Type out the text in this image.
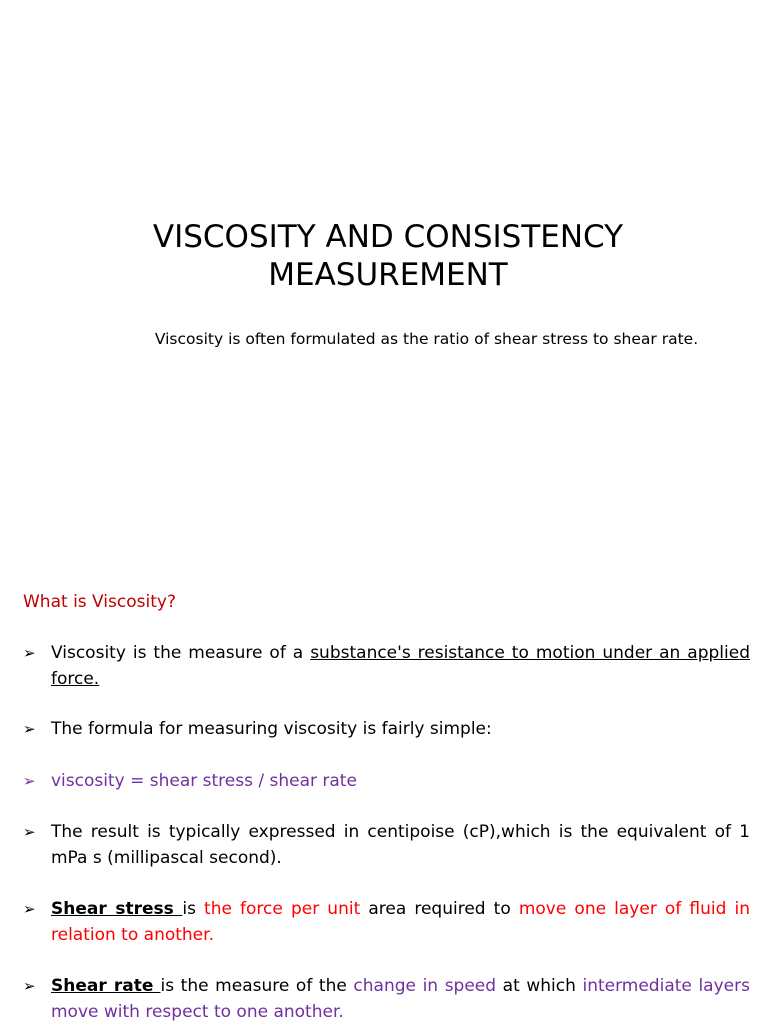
VISCOSITY AND CONSISTENCY
MEASUREMENT

Viscosity is often formulated as the ratio of shear stress to shear rate.

What is Viscosity?

➢ Viscosity is the measure of a substance's resistance to motion under an applied force.
➢ The formula for measuring viscosity is fairly simple:
➢ viscosity = shear stress / shear rate
➢ The result is typically expressed in centipoise (cP),which is the equivalent of 1 mPa s (millipascal second).
➢ Shear stress is the force per unit area required to move one layer of fluid in relation to another.
➢ Shear rate is the measure of the change in speed at which intermediate layers move with respect to one another.
